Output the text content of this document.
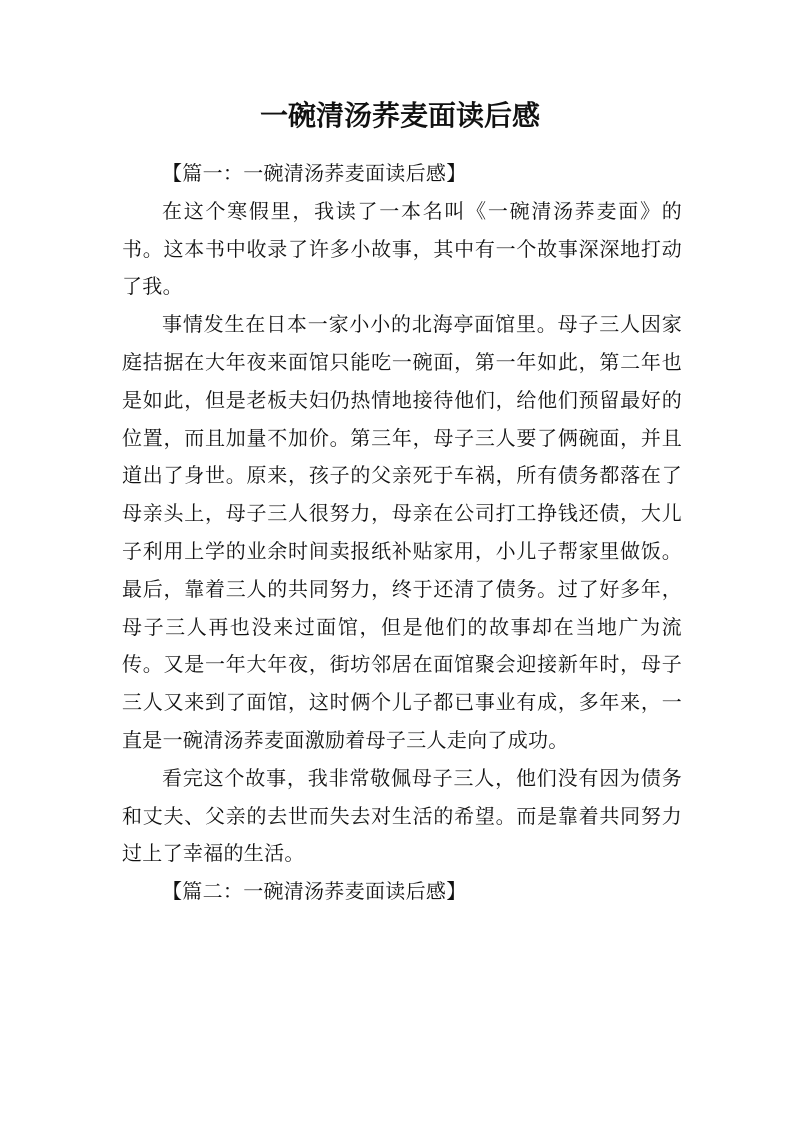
一碗清汤荞麦面读后感

【篇一：一碗清汤荞麦面读后感】

在这个寒假里，我读了一本名叫《一碗清汤荞麦面》的书。这本书中收录了许多小故事，其中有一个故事深深地打动了我。

事情发生在日本一家小小的北海亭面馆里。母子三人因家庭拮据在大年夜来面馆只能吃一碗面，第一年如此，第二年也是如此，但是老板夫妇仍热情地接待他们，给他们预留最好的位置，而且加量不加价。第三年，母子三人要了俩碗面，并且道出了身世。原来，孩子的父亲死于车祸，所有债务都落在了母亲头上，母子三人很努力，母亲在公司打工挣钱还债，大儿子利用上学的业余时间卖报纸补贴家用，小儿子帮家里做饭。最后，靠着三人的共同努力，终于还清了债务。过了好多年，母子三人再也没来过面馆，但是他们的故事却在当地广为流传。又是一年大年夜，街坊邻居在面馆聚会迎接新年时，母子三人又来到了面馆，这时俩个儿子都已事业有成，多年来，一直是一碗清汤荞麦面激励着母子三人走向了成功。

看完这个故事，我非常敬佩母子三人，他们没有因为债务和丈夫、父亲的去世而失去对生活的希望。而是靠着共同努力过上了幸福的生活。

【篇二：一碗清汤荞麦面读后感】
